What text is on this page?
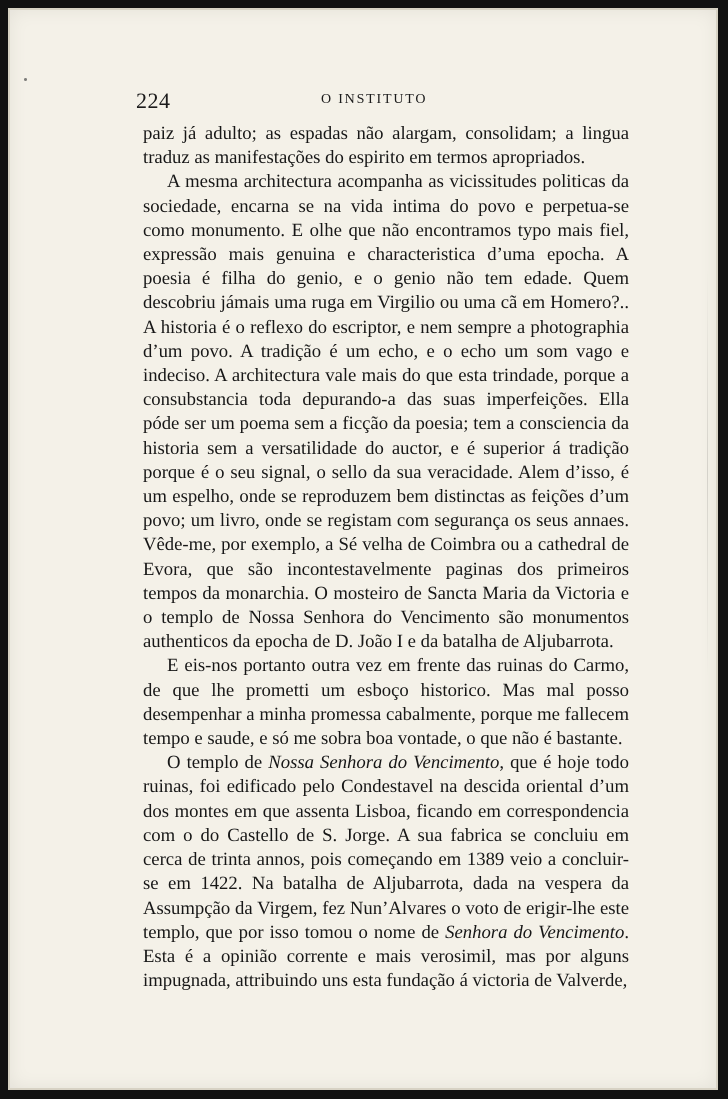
224	O INSTITUTO

paiz já adulto; as espadas não alargam, consolidam; a lingua traduz as manifestações do espirito em termos apropriados.

A mesma architectura acompanha as vicissitudes politicas da sociedade, encarna se na vida intima do povo e perpetua-se como monumento. E olhe que não encontramos typo mais fiel, expressão mais genuina e characteristica d’uma epocha. A poesia é filha do genio, e o genio não tem edade. Quem descobriu jámais uma ruga em Virgilio ou uma cã em Homero?.. A historia é o reflexo do escriptor, e nem sempre a photographia d’um povo. A tradição é um echo, e o echo um som vago e indeciso. A architectura vale mais do que esta trindade, porque a consubstancia toda depurando-a das suas imperfeições. Ella póde ser um poema sem a ficção da poesia; tem a consciencia da historia sem a versatilidade do auctor, e é superior á tradição porque é o seu signal, o sello da sua veracidade. Alem d’isso, é um espelho, onde se reproduzem bem distinctas as feições d’um povo; um livro, onde se registam com segurança os seus annaes. Vêde-me, por exemplo, a Sé velha de Coimbra ou a cathedral de Evora, que são incontestavelmente paginas dos primeiros tempos da monarchia. O mosteiro de Sancta Maria da Victoria e o templo de Nossa Senhora do Vencimento são monumentos authenticos da epocha de D. João I e da batalha de Aljubarrota.

E eis-nos portanto outra vez em frente das ruinas do Carmo, de que lhe prometti um esboço historico. Mas mal posso desempenhar a minha promessa cabalmente, porque me fallecem tempo e saude, e só me sobra boa vontade, o que não é bastante.

O templo de Nossa Senhora do Vencimento, que é hoje todo ruinas, foi edificado pelo Condestavel na descida oriental d’um dos montes em que assenta Lisboa, ficando em correspondencia com o do Castello de S. Jorge. A sua fabrica se concluiu em cerca de trinta annos, pois começando em 1389 veio a concluir-se em 1422. Na batalha de Aljubarrota, dada na vespera da Assumpção da Virgem, fez Nun’Alvares o voto de erigir-lhe este templo, que por isso tomou o nome de Senhora do Vencimento. Esta é a opinião corrente e mais verosimil, mas por alguns impugnada, attribuindo uns esta fundação á victoria de Valverde,
